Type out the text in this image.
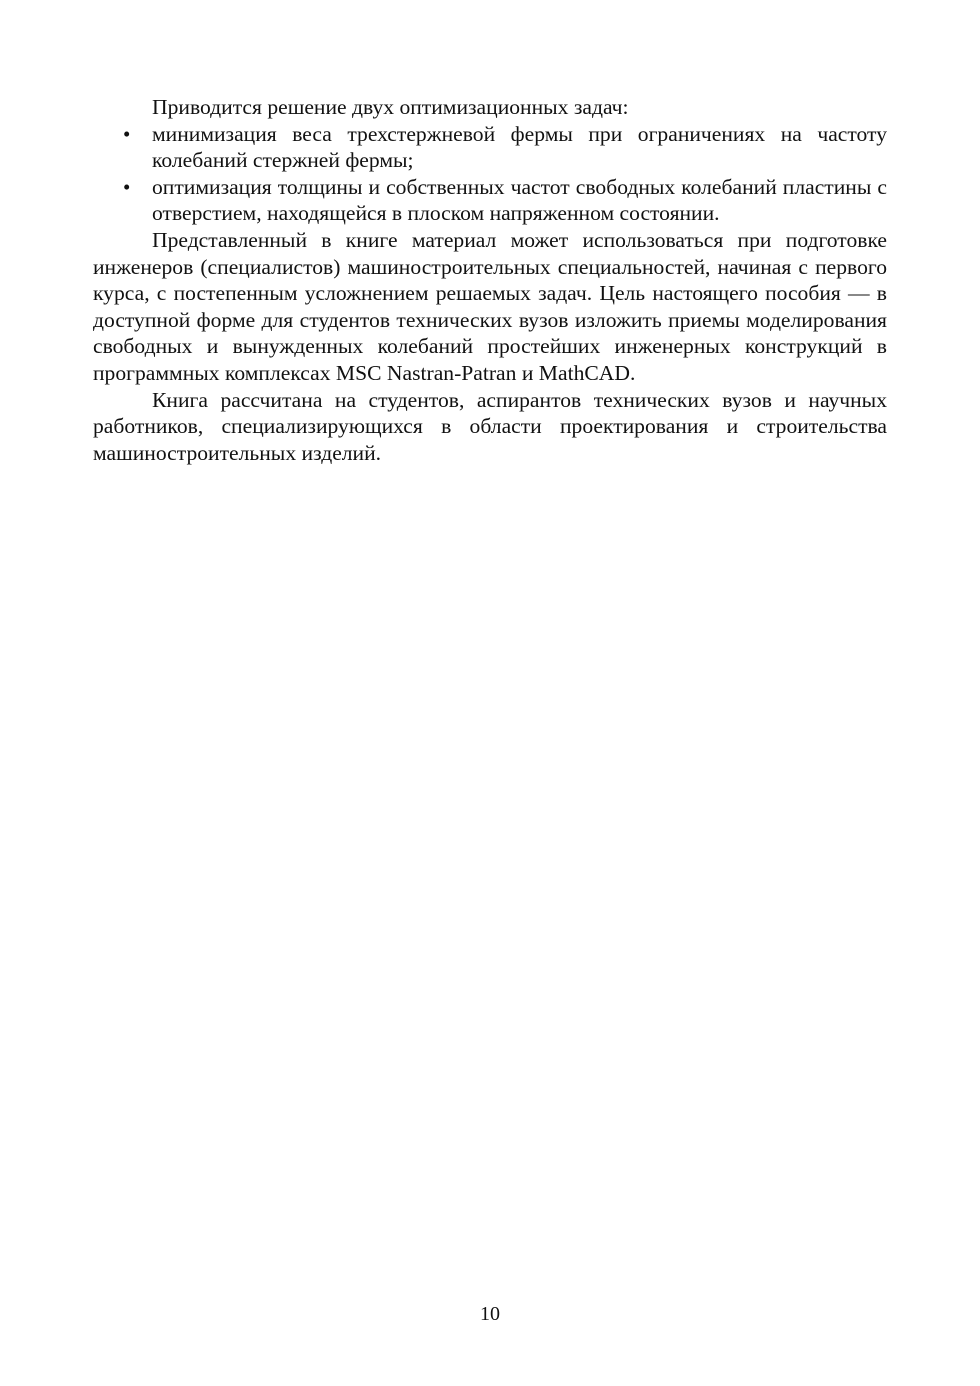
Приводится решение двух оптимизационных задач:

• минимизация веса трехстержневой фермы при ограничениях на частоту колебаний стержней фермы;
• оптимизация толщины и собственных частот свободных колебаний пластины с отверстием, находящейся в плоском напряженном состоянии.

Представленный в книге материал может использоваться при подготовке инженеров (специалистов) машиностроительных специальностей, начиная с первого курса, с постепенным усложнением решаемых задач. Цель настоящего пособия — в доступной форме для студентов технических вузов изложить приемы моделирования свободных и вынужденных колебаний простейших инженерных конструкций в программных комплексах MSC Nastran-Patran и MathCAD.

Книга рассчитана на студентов, аспирантов технических вузов и научных работников, специализирующихся в области проектирования и строительства машиностроительных изделий.

10
